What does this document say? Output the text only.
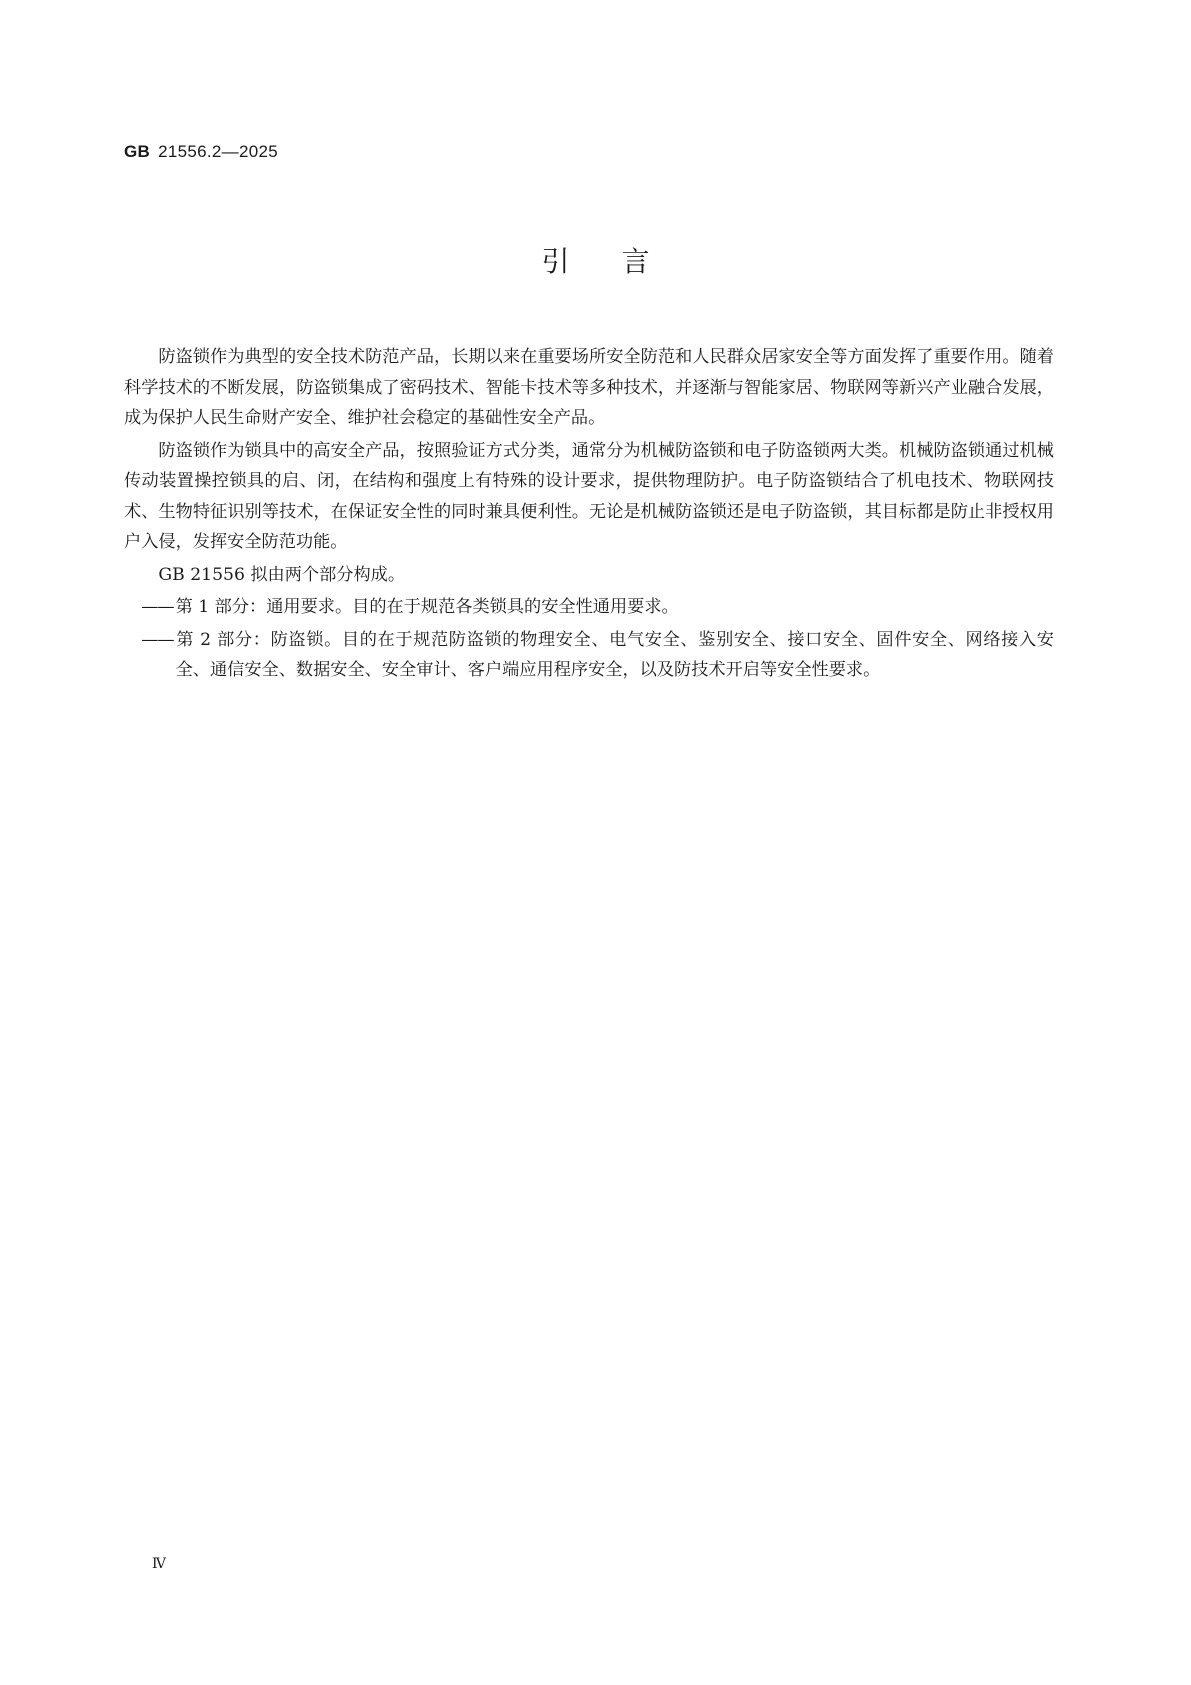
GB 21556.2—2025
引言

防盗锁作为典型的安全技术防范产品，长期以来在重要场所安全防范和人民群众居家安全等方面发挥了重要作用。随着科学技术的不断发展，防盗锁集成了密码技术、智能卡技术等多种技术，并逐渐与智能家居、物联网等新兴产业融合发展，成为保护人民生命财产安全、维护社会稳定的基础性安全产品。

防盗锁作为锁具中的高安全产品，按照验证方式分类，通常分为机械防盗锁和电子防盗锁两大类。机械防盗锁通过机械传动装置操控锁具的启、闭，在结构和强度上有特殊的设计要求，提供物理防护。电子防盗锁结合了机电技术、物联网技术、生物特征识别等技术，在保证安全性的同时兼具便利性。无论是机械防盗锁还是电子防盗锁，其目标都是防止非授权用户入侵，发挥安全防范功能。

GB 21556 拟由两个部分构成。

—— 第 1 部分：通用要求。目的在于规范各类锁具的安全性通用要求。
—— 第 2 部分：防盗锁。目的在于规范防盗锁的物理安全、电气安全、鉴别安全、接口安全、固件安全、网络接入安全、通信安全、数据安全、安全审计、客户端应用程序安全，以及防技术开启等安全性要求。
Ⅳ
